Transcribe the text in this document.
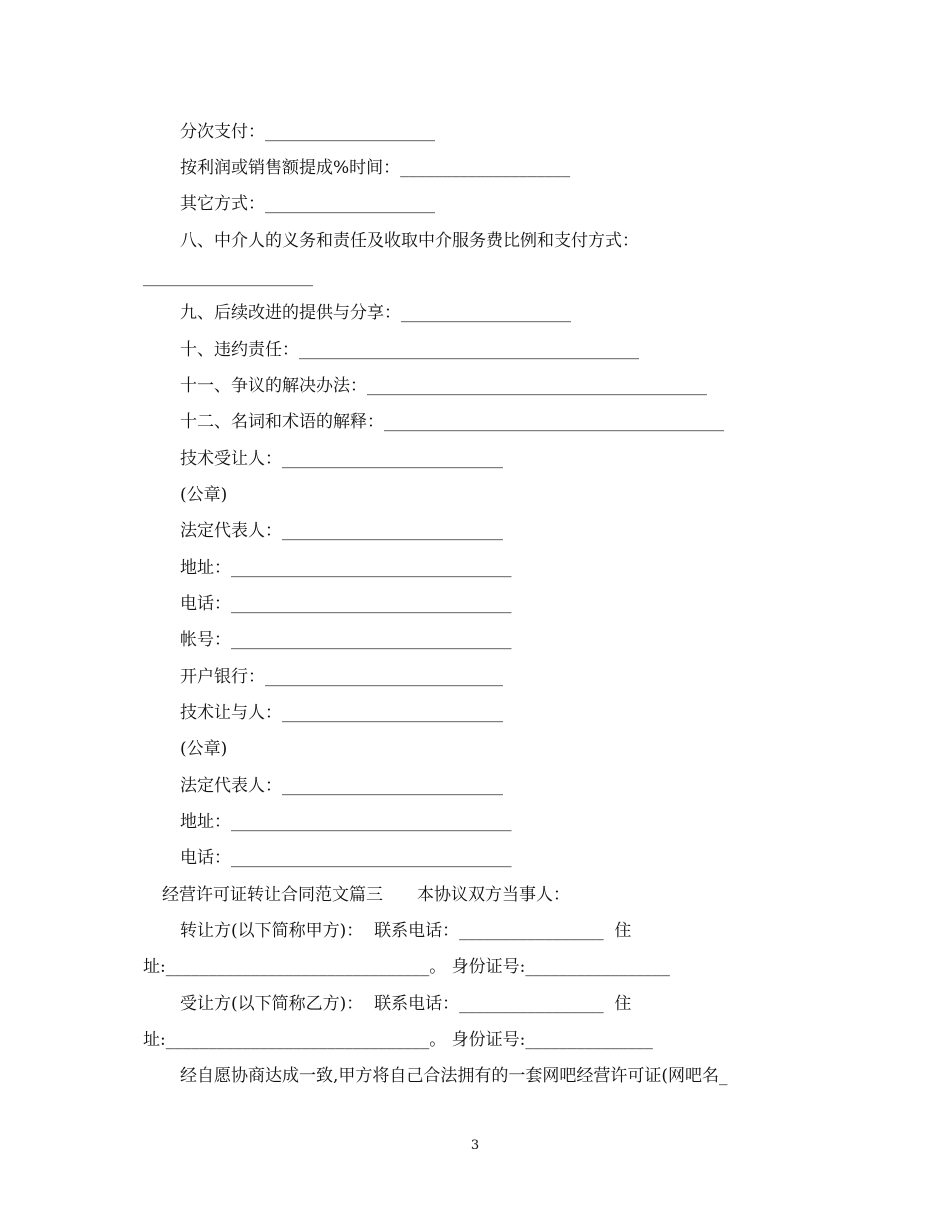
分次支付：____________________
按利润或销售额提成%时间：____________________
其它方式：____________________
八、中介人的义务和责任及收取中介服务费比例和支付方式：
____________________
九、后续改进的提供与分享：____________________
十、违约责任：________________________________________
十一、争议的解决办法：________________________________________
十二、名词和术语的解释：________________________________________
技术受让人：__________________________
(公章)
法定代表人：__________________________
地址：_________________________________
电话：_________________________________
帐号：_________________________________
开户银行：____________________________
技术让与人：__________________________
(公章)
法定代表人：__________________________
地址：_________________________________
电话：_________________________________
经营许可证转让合同范文篇三　　本协议双方当事人：
转让方(以下简称甲方)：  联系电话：_________________  住
址:_______________________________。 身份证号:_________________
受让方(以下简称乙方)：  联系电话：_________________  住
址:_______________________________。 身份证号:_______________
经自愿协商达成一致,甲方将自己合法拥有的一套网吧经营许可证(网吧名_
3
